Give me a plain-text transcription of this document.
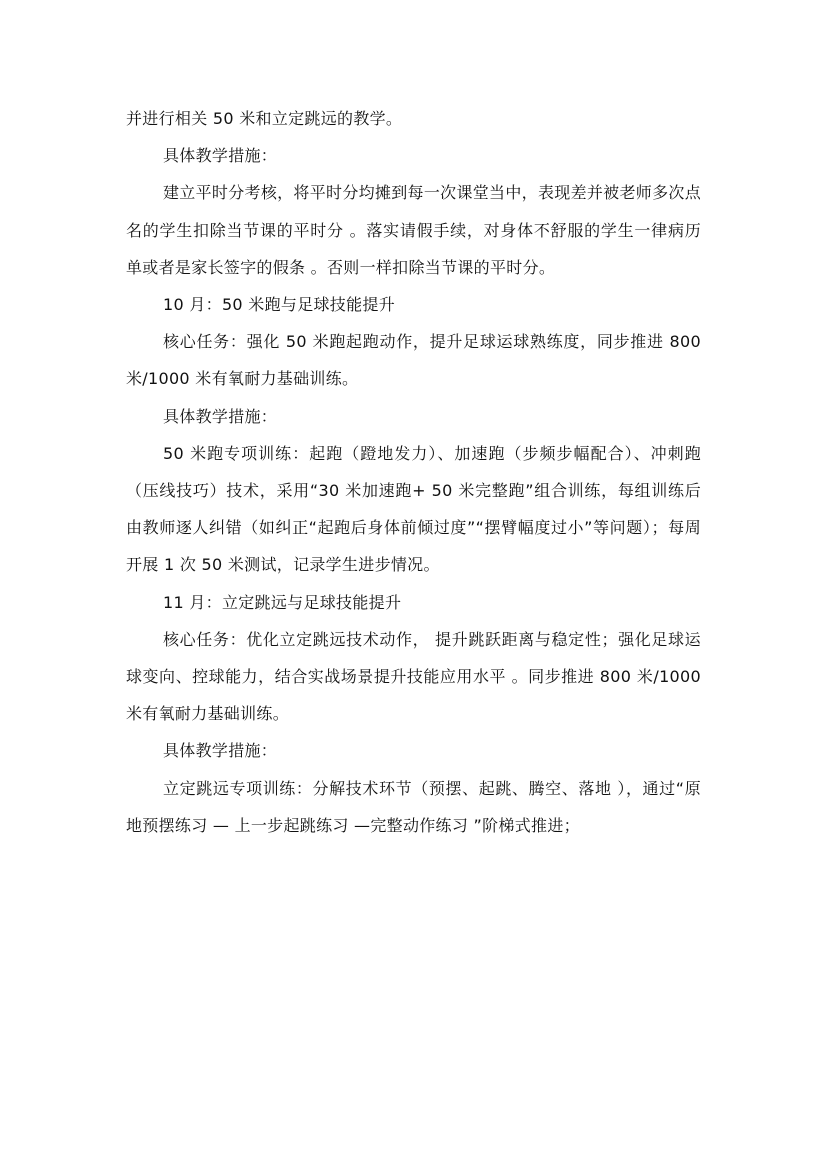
并进行相关 50 米和立定跳远的教学。

具体教学措施：

建立平时分考核，将平时分均摊到每一次课堂当中，表现差并被老师多次点名的学生扣除当节课的平时分 。落实请假手续，对身体不舒服的学生一律病历单或者是家长签字的假条 。否则一样扣除当节课的平时分。

10 月：50 米跑与足球技能提升

核心任务：强化 50 米跑起跑动作，提升足球运球熟练度，同步推进 800 米/1000 米有氧耐力基础训练。

具体教学措施：

50 米跑专项训练：起跑（蹬地发力）、加速跑（步频步幅配合）、冲刺跑（压线技巧）技术，采用“30 米加速跑+ 50 米完整跑”组合训练，每组训练后由教师逐人纠错（如纠正“起跑后身体前倾过度”“摆臂幅度过小”等问题）；每周开展 1 次 50 米测试，记录学生进步情况。

11 月：立定跳远与足球技能提升

核心任务：优化立定跳远技术动作， 提升跳跃距离与稳定性；强化足球运球变向、控球能力，结合实战场景提升技能应用水平 。同步推进 800 米/1000 米有氧耐力基础训练。

具体教学措施：

立定跳远专项训练：分解技术环节（预摆、起跳、腾空、落地 ），通过“原地预摆练习 — 上一步起跳练习 —完整动作练习 ”阶梯式推进；
